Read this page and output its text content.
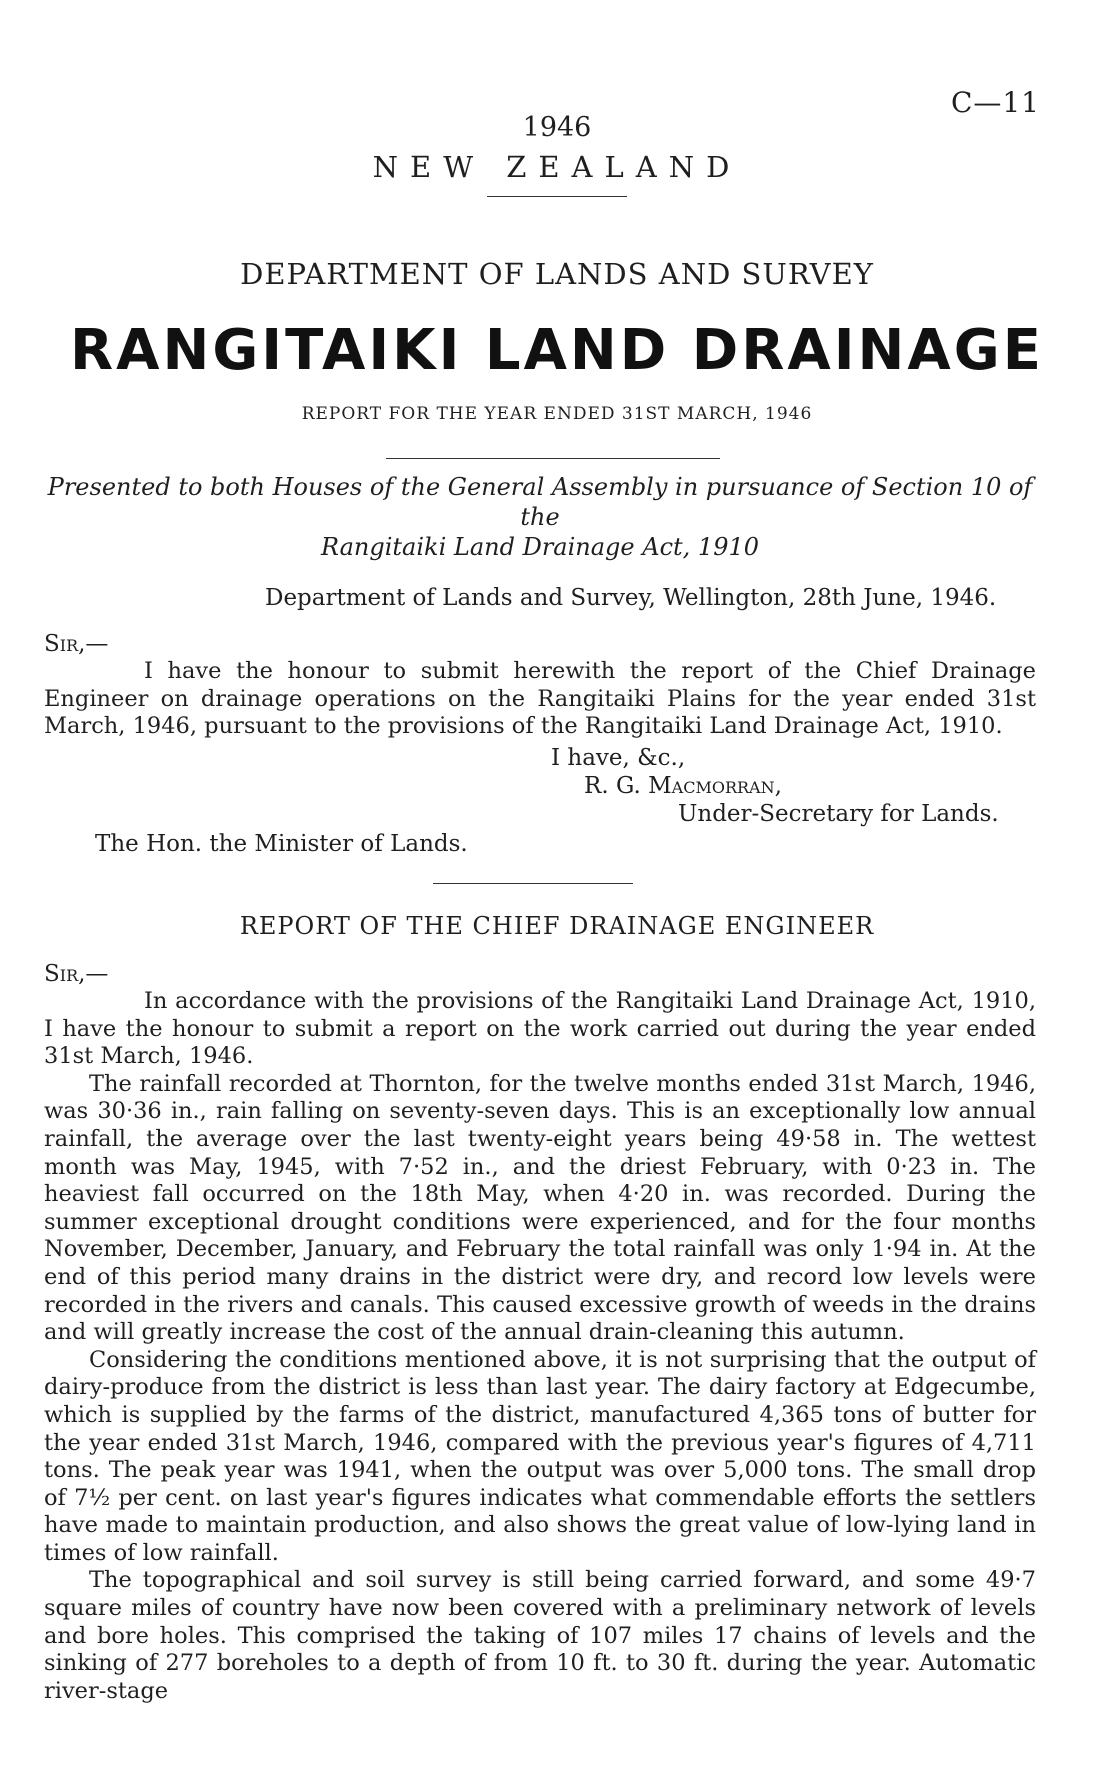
C—11
1946
NEW ZEALAND
DEPARTMENT OF LANDS AND SURVEY
RANGITAIKI LAND DRAINAGE
REPORT FOR THE YEAR ENDED 31ST MARCH, 1946
Presented to both Houses of the General Assembly in pursuance of Section 10 of the
Rangitaiki Land Drainage Act, 1910
Department of Lands and Survey, Wellington, 28th June, 1946.
Sir,—

I have the honour to submit herewith the report of the Chief Drainage Engineer on drainage operations on the Rangitaiki Plains for the year ended 31st March, 1946, pursuant to the provisions of the Rangitaiki Land Drainage Act, 1910.

I have, &c.,
R. G. Macmorran,
Under-Secretary for Lands.
The Hon. the Minister of Lands.
REPORT OF THE CHIEF DRAINAGE ENGINEER
Sir,—

In accordance with the provisions of the Rangitaiki Land Drainage Act, 1910, I have the honour to submit a report on the work carried out during the year ended 31st March, 1946.

The rainfall recorded at Thornton, for the twelve months ended 31st March, 1946, was 30·36 in., rain falling on seventy-seven days. This is an exceptionally low annual rainfall, the average over the last twenty-eight years being 49·58 in. The wettest month was May, 1945, with 7·52 in., and the driest February, with 0·23 in. The heaviest fall occurred on the 18th May, when 4·20 in. was recorded. During the summer exceptional drought conditions were experienced, and for the four months November, December, January, and February the total rainfall was only 1·94 in. At the end of this period many drains in the district were dry, and record low levels were recorded in the rivers and canals. This caused excessive growth of weeds in the drains and will greatly increase the cost of the annual drain-cleaning this autumn.

Considering the conditions mentioned above, it is not surprising that the output of dairy-produce from the district is less than last year. The dairy factory at Edgecumbe, which is supplied by the farms of the district, manufactured 4,365 tons of butter for the year ended 31st March, 1946, compared with the previous year's figures of 4,711 tons. The peak year was 1941, when the output was over 5,000 tons. The small drop of 7½ per cent. on last year's figures indicates what commendable efforts the settlers have made to maintain production, and also shows the great value of low-lying land in times of low rainfall.

The topographical and soil survey is still being carried forward, and some 49·7 square miles of country have now been covered with a preliminary network of levels and bore holes. This comprised the taking of 107 miles 17 chains of levels and the sinking of 277 boreholes to a depth of from 10 ft. to 30 ft. during the year. Automatic river-stage
